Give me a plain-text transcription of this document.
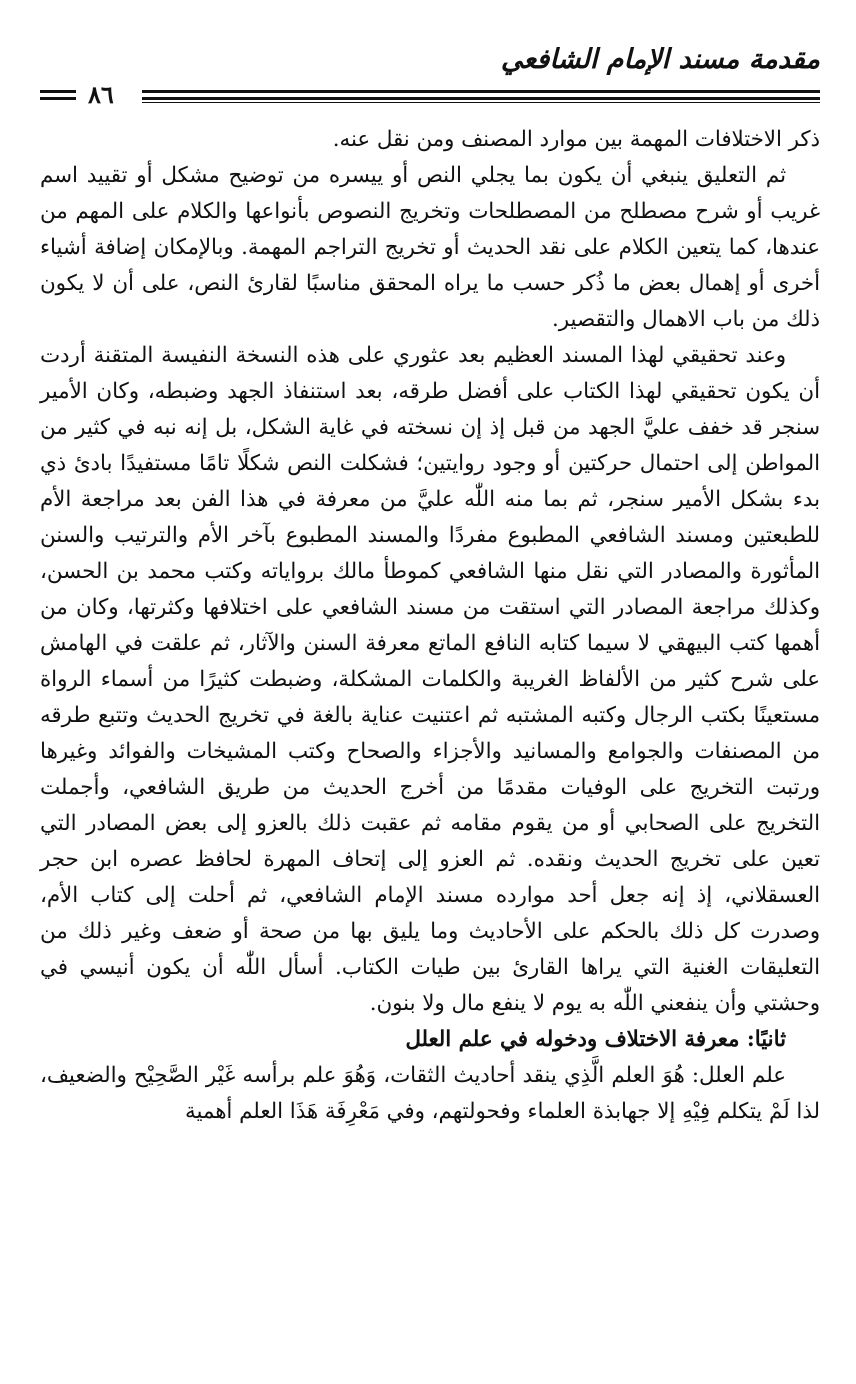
مقدمة مسند الإمام الشافعي
٨٦

ذكر الاختلافات المهمة بين موارد المصنف ومن نقل عنه.

ثم التعليق ينبغي أن يكون بما يجلي النص أو ييسره من توضيح مشكل أو تقييد اسم غريب أو شرح مصطلح من المصطلحات وتخريج النصوص بأنواعها والكلام على المهم من عندها، كما يتعين الكلام على نقد الحديث أو تخريج التراجم المهمة. وبالإمكان إضافة أشياء أخرى أو إهمال بعض ما ذُكر حسب ما يراه المحقق مناسبًا لقارئ النص، على أن لا يكون ذلك من باب الاهمال والتقصير.

وعند تحقيقي لهذا المسند العظيم بعد عثوري على هذه النسخة النفيسة المتقنة أردت أن يكون تحقيقي لهذا الكتاب على أفضل طرقه، بعد استنفاذ الجهد وضبطه، وكان الأمير سنجر قد خفف عليَّ الجهد من قبل إذ إن نسخته في غاية الشكل، بل إنه نبه في كثير من المواطن إلى احتمال حركتين أو وجود روايتين؛ فشكلت النص شكلًا تامًا مستفيدًا بادئ ذي بدء بشكل الأمير سنجر، ثم بما منه اللّٰه عليَّ من معرفة في هذا الفن بعد مراجعة الأم للطبعتين ومسند الشافعي المطبوع مفردًا والمسند المطبوع بآخر الأم والترتيب والسنن المأثورة والمصادر التي نقل منها الشافعي كموطأ مالك برواياته وكتب محمد بن الحسن، وكذلك مراجعة المصادر التي استقت من مسند الشافعي على اختلافها وكثرتها، وكان من أهمها كتب البيهقي لا سيما كتابه النافع الماتع معرفة السنن والآثار، ثم علقت في الهامش على شرح كثير من الألفاظ الغريبة والكلمات المشكلة، وضبطت كثيرًا من أسماء الرواة مستعينًا بكتب الرجال وكتبه المشتبه ثم اعتنيت عناية بالغة في تخريج الحديث وتتبع طرقه من المصنفات والجوامع والمسانيد والأجزاء والصحاح وكتب المشيخات والفوائد وغيرها ورتبت التخريج على الوفيات مقدمًا من أخرج الحديث من طريق الشافعي، وأجملت التخريج على الصحابي أو من يقوم مقامه ثم عقبت ذلك بالعزو إلى بعض المصادر التي تعين على تخريج الحديث ونقده. ثم العزو إلى إتحاف المهرة لحافظ عصره ابن حجر العسقلاني، إذ إنه جعل أحد موارده مسند الإمام الشافعي، ثم أحلت إلى كتاب الأم، وصدرت كل ذلك بالحكم على الأحاديث وما يليق بها من صحة أو ضعف وغير ذلك من التعليقات الغنية التي يراها القارئ بين طيات الكتاب. أسأل اللّٰه أن يكون أنيسي في وحشتي وأن ينفعني اللّٰه به يوم لا ينفع مال ولا بنون.

ثانيًا: معرفة الاختلاف ودخوله في علم العلل

علم العلل: هُوَ العلم الَّذِي ينقد أحاديث الثقات، وَهُوَ علم برأسه غَيْر الصَّحِيْح والضعيف، لذا لَمْ يتكلم فِيْهِ إلا جهابذة العلماء وفحولتهم، وفي مَعْرِفَة هَذَا العلم أهمية
